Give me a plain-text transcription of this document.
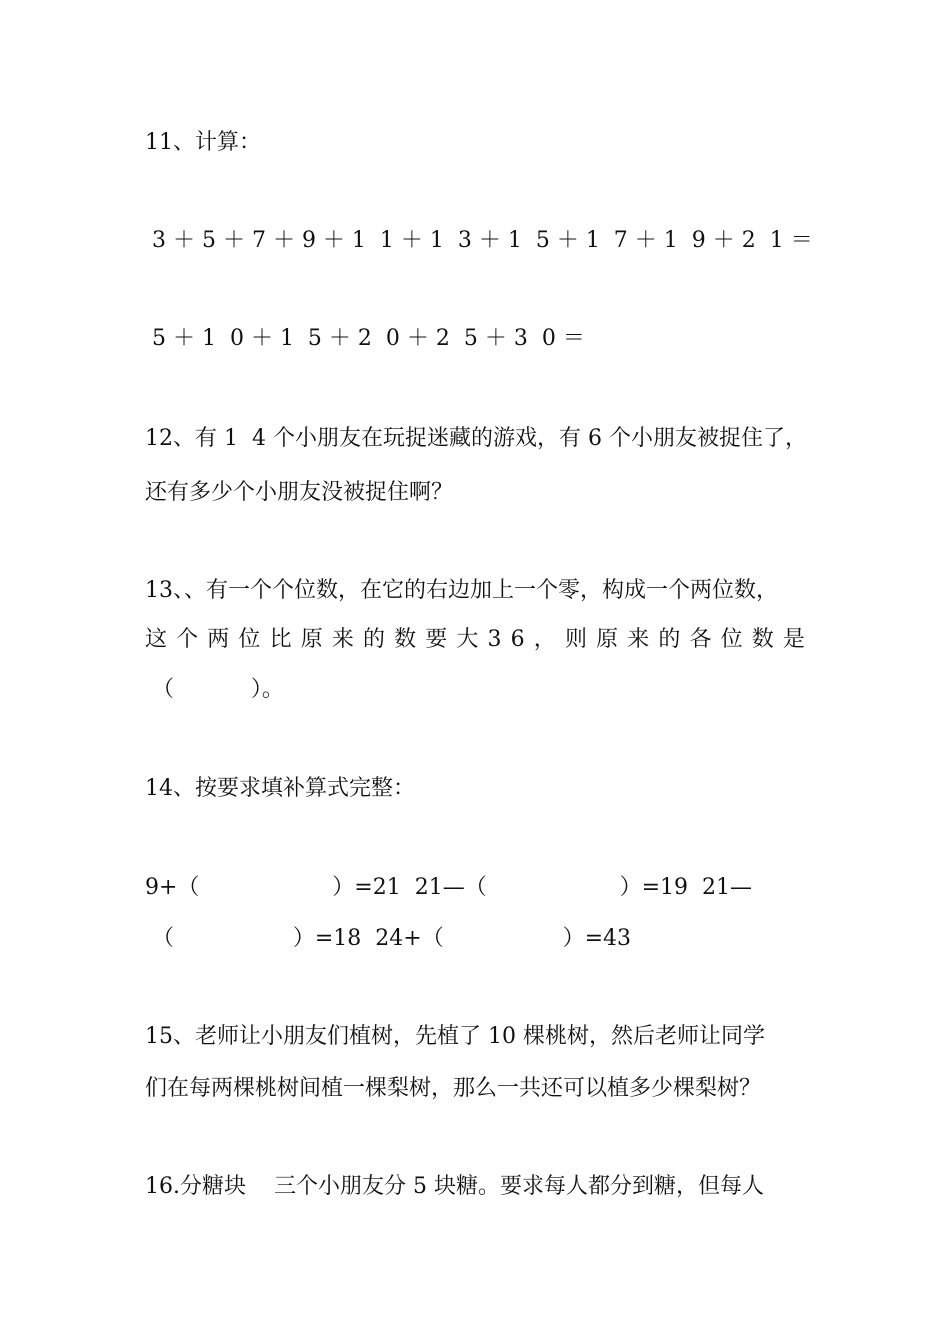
11、计算：
3 ＋ 5 ＋ 7 ＋ 9 ＋ 1  1 ＋ 1  3 ＋ 1  5 ＋ 1  7 ＋ 1  9 ＋ 2  1 ＝
5 ＋ 1  0 ＋ 1  5 ＋ 2  0 ＋ 2  5 ＋ 3  0 ＝
12、有 1  4 个小朋友在玩捉迷藏的游戏，有 6 个小朋友被捉住了，
还有多少个小朋友没被捉住啊？
13、、有一个个位数，在它的右边加上一个零，构成一个两位数，
这 个 两 位 比 原 来 的 数 要 大 3 6 ， 则 原 来 的 各 位 数 是
（           ）。
14、按要求填补算式完整：
9+（                   ）=21  21—（                   ）=19  21—
（                 ）=18  24+（                 ）=43
15、老师让小朋友们植树，先植了 10 棵桃树，然后老师让同学
们在每两棵桃树间植一棵梨树，那么一共还可以植多少棵梨树？
16.分糖块    三个小朋友分 5 块糖。要求每人都分到糖，但每人
